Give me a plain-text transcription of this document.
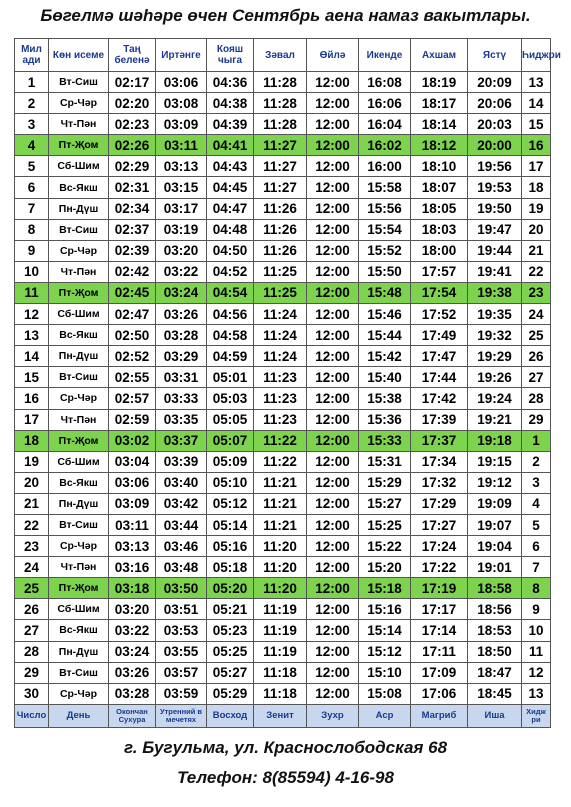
Бөгелмә шәһәре өчен Сентябрь аена намаз вакытлары.
Мил ади	Көн исеме	Таң беленә	Иртәнге	Кояш чыга	Зәвал	Өйлә	Икенде	Ахшам	Ястү	Һиджри
1	Вт-Сиш	02:17	03:06	04:36	11:28	12:00	16:08	18:19	20:09	13
2	Ср-Чәр	02:20	03:08	04:38	11:28	12:00	16:06	18:17	20:06	14
3	Чт-Пән	02:23	03:09	04:39	11:28	12:00	16:04	18:14	20:03	15
4	Пт-Җом	02:26	03:11	04:41	11:27	12:00	16:02	18:12	20:00	16
5	Сб-Шим	02:29	03:13	04:43	11:27	12:00	16:00	18:10	19:56	17
6	Вс-Якш	02:31	03:15	04:45	11:27	12:00	15:58	18:07	19:53	18
7	Пн-Дүш	02:34	03:17	04:47	11:26	12:00	15:56	18:05	19:50	19
8	Вт-Сиш	02:37	03:19	04:48	11:26	12:00	15:54	18:03	19:47	20
9	Ср-Чәр	02:39	03:20	04:50	11:26	12:00	15:52	18:00	19:44	21
10	Чт-Пән	02:42	03:22	04:52	11:25	12:00	15:50	17:57	19:41	22
11	Пт-Җом	02:45	03:24	04:54	11:25	12:00	15:48	17:54	19:38	23
12	Сб-Шим	02:47	03:26	04:56	11:24	12:00	15:46	17:52	19:35	24
13	Вс-Якш	02:50	03:28	04:58	11:24	12:00	15:44	17:49	19:32	25
14	Пн-Дүш	02:52	03:29	04:59	11:24	12:00	15:42	17:47	19:29	26
15	Вт-Сиш	02:55	03:31	05:01	11:23	12:00	15:40	17:44	19:26	27
16	Ср-Чәр	02:57	03:33	05:03	11:23	12:00	15:38	17:42	19:24	28
17	Чт-Пән	02:59	03:35	05:05	11:23	12:00	15:36	17:39	19:21	29
18	Пт-Җом	03:02	03:37	05:07	11:22	12:00	15:33	17:37	19:18	1
19	Сб-Шим	03:04	03:39	05:09	11:22	12:00	15:31	17:34	19:15	2
20	Вс-Якш	03:06	03:40	05:10	11:21	12:00	15:29	17:32	19:12	3
21	Пн-Дүш	03:09	03:42	05:12	11:21	12:00	15:27	17:29	19:09	4
22	Вт-Сиш	03:11	03:44	05:14	11:21	12:00	15:25	17:27	19:07	5
23	Ср-Чәр	03:13	03:46	05:16	11:20	12:00	15:22	17:24	19:04	6
24	Чт-Пән	03:16	03:48	05:18	11:20	12:00	15:20	17:22	19:01	7
25	Пт-Җом	03:18	03:50	05:20	11:20	12:00	15:18	17:19	18:58	8
26	Сб-Шим	03:20	03:51	05:21	11:19	12:00	15:16	17:17	18:56	9
27	Вс-Якш	03:22	03:53	05:23	11:19	12:00	15:14	17:14	18:53	10
28	Пн-Дүш	03:24	03:55	05:25	11:19	12:00	15:12	17:11	18:50	11
29	Вт-Сиш	03:26	03:57	05:27	11:18	12:00	15:10	17:09	18:47	12
30	Ср-Чәр	03:28	03:59	05:29	11:18	12:00	15:08	17:06	18:45	13
Число	День	Окончан Сухура	Утренний в мечетях	Восход	Зенит	Зухр	Аср	Магриб	Иша	Хидж ри
г. Бугульма, ул. Краснослободская 68
Телефон: 8(85594) 4-16-98
